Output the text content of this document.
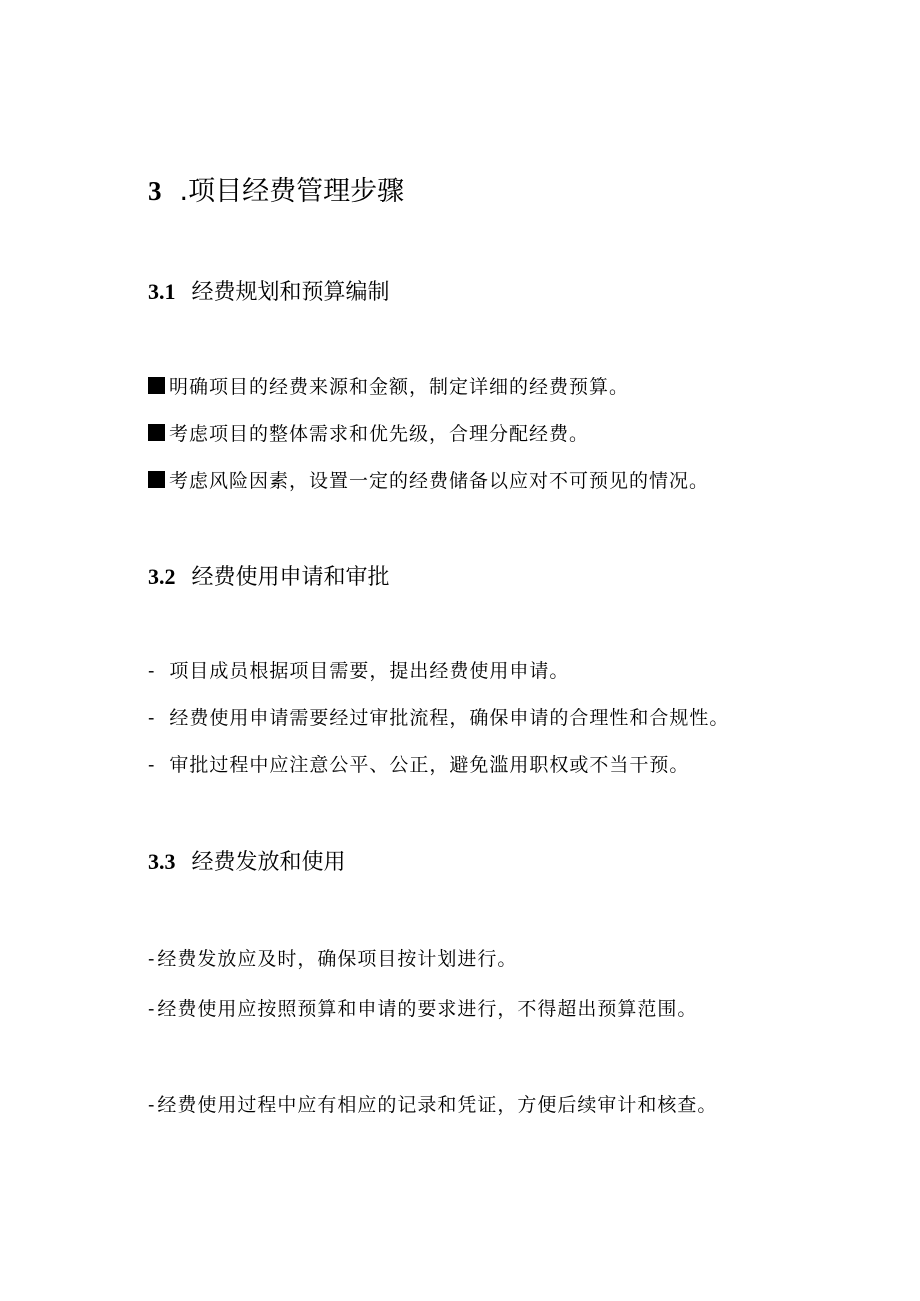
3 .项目经费管理步骤
3.1 经费规划和预算编制
明确项目的经费来源和金额，制定详细的经费预算。
考虑项目的整体需求和优先级，合理分配经费。
考虑风险因素，设置一定的经费储备以应对不可预见的情况。
3.2 经费使用申请和审批
- 项目成员根据项目需要，提出经费使用申请。
- 经费使用申请需要经过审批流程，确保申请的合理性和合规性。
- 审批过程中应注意公平、公正，避免滥用职权或不当干预。
3.3 经费发放和使用
- 经费发放应及时，确保项目按计划进行。
- 经费使用应按照预算和申请的要求进行，不得超出预算范围。
- 经费使用过程中应有相应的记录和凭证，方便后续审计和核查。
